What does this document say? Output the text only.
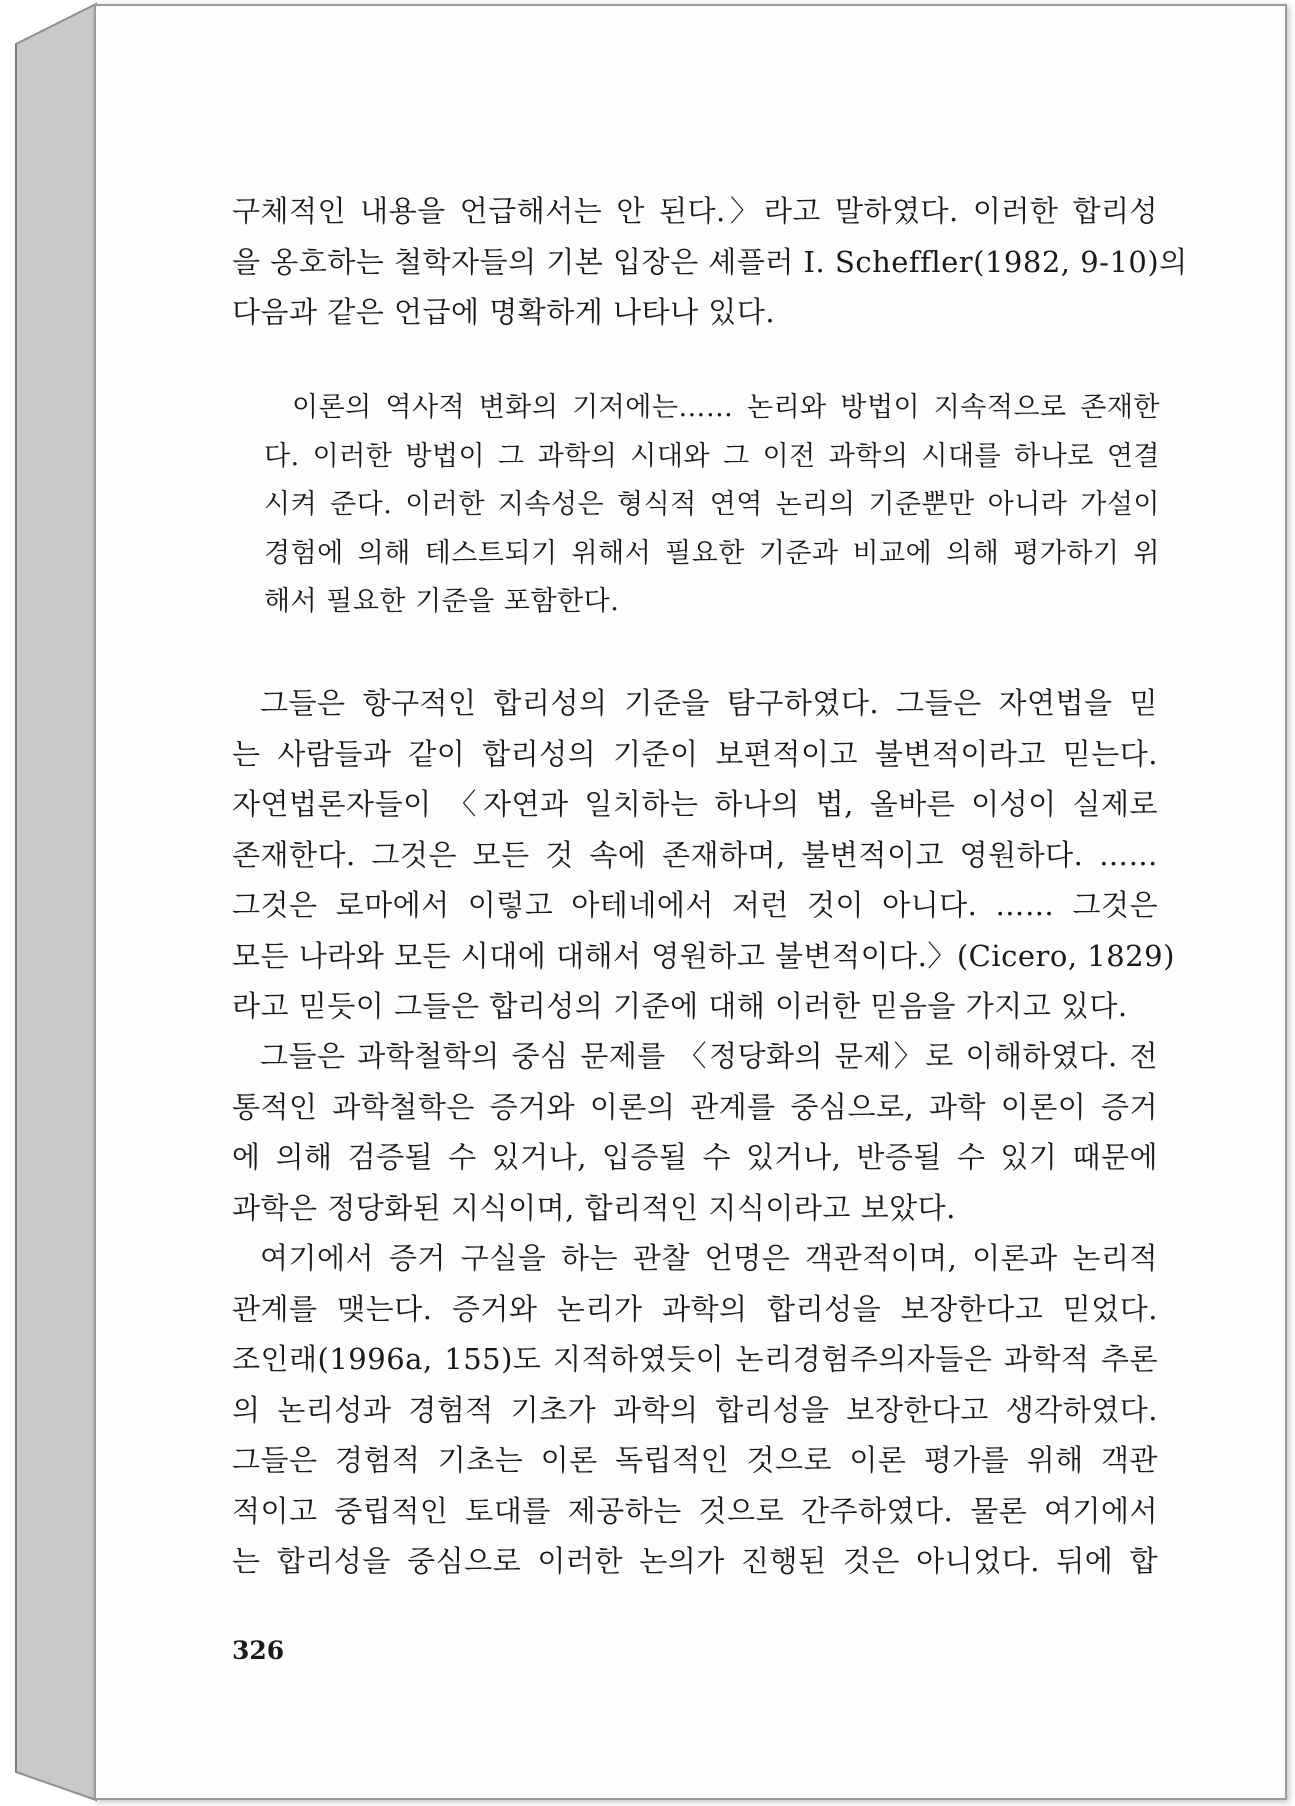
구체적인 내용을 언급해서는 안 된다.〉라고 말하였다. 이러한 합리성
을 옹호하는 철학자들의 기본 입장은 셰플러 I. Scheffler(1982, 9-10)의
다음과 같은 언급에 명확하게 나타나 있다.
이론의 역사적 변화의 기저에는…… 논리와 방법이 지속적으로 존재한
다. 이러한 방법이 그 과학의 시대와 그 이전 과학의 시대를 하나로 연결
시켜 준다. 이러한 지속성은 형식적 연역 논리의 기준뿐만 아니라 가설이
경험에 의해 테스트되기 위해서 필요한 기준과 비교에 의해 평가하기 위
해서 필요한 기준을 포함한다.
그들은 항구적인 합리성의 기준을 탐구하였다. 그들은 자연법을 믿
는 사람들과 같이 합리성의 기준이 보편적이고 불변적이라고 믿는다.
자연법론자들이 〈자연과 일치하는 하나의 법, 올바른 이성이 실제로
존재한다. 그것은 모든 것 속에 존재하며, 불변적이고 영원하다. ……
그것은 로마에서 이렇고 아테네에서 저런 것이 아니다. …… 그것은
모든 나라와 모든 시대에 대해서 영원하고 불변적이다.〉(Cicero, 1829)
라고 믿듯이 그들은 합리성의 기준에 대해 이러한 믿음을 가지고 있다.
그들은 과학철학의 중심 문제를 〈정당화의 문제〉로 이해하였다. 전
통적인 과학철학은 증거와 이론의 관계를 중심으로, 과학 이론이 증거
에 의해 검증될 수 있거나, 입증될 수 있거나, 반증될 수 있기 때문에
과학은 정당화된 지식이며, 합리적인 지식이라고 보았다.
여기에서 증거 구실을 하는 관찰 언명은 객관적이며, 이론과 논리적
관계를 맺는다. 증거와 논리가 과학의 합리성을 보장한다고 믿었다.
조인래(1996a, 155)도 지적하였듯이 논리경험주의자들은 과학적 추론
의 논리성과 경험적 기초가 과학의 합리성을 보장한다고 생각하였다.
그들은 경험적 기초는 이론 독립적인 것으로 이론 평가를 위해 객관
적이고 중립적인 토대를 제공하는 것으로 간주하였다. 물론 여기에서
는 합리성을 중심으로 이러한 논의가 진행된 것은 아니었다. 뒤에 합
326
